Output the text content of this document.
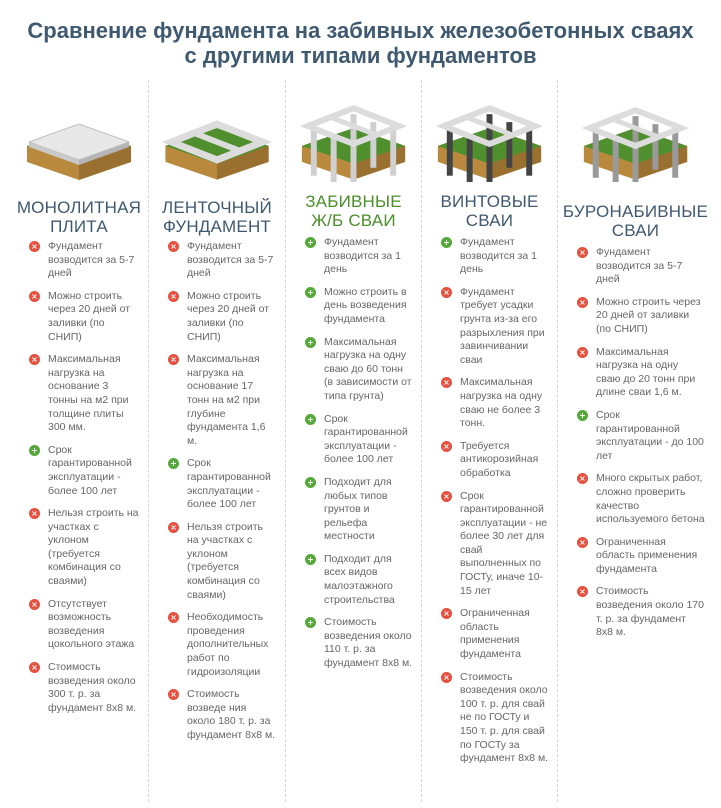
Сравнение фундамента на забивных железобетонных сваях
с другими типами фундаментов
МОНОЛИТНАЯ
ПЛИТА
× Фундамент возводится за 5-7 дней
× Можно строить через 20 дней от заливки (по СНИП)
× Максимальная нагрузка на основание 3 тонны на м2 при толщине плиты 300 мм.
+ Срок гарантированной эксплуатации - более 100 лет
× Нельзя строить на участках с уклоном (требуется комбинация со сваями)
× Отсутствует возможность возведения цокольного этажа
× Стоимость возведения около 300 т. р. за фундамент 8х8 м.
ЛЕНТОЧНЫЙ
ФУНДАМЕНТ
× Фундамент возводится за 5-7 дней
× Можно строить через 20 дней от заливки (по СНИП)
× Максимальная нагрузка на основание 17 тонн на м2 при глубине фундамента 1,6 м.
+ Срок гарантированной эксплуатации - более 100 лет
× Нельзя строить на участках с уклоном (требуется комбинация со сваями)
× Необходимость проведения дополнительных работ по гидроизоляции
× Стоимость возведе ния около 180 т. р. за фундамент 8х8 м.
ЗАБИВНЫЕ
Ж/Б СВАИ
+ Фундамент возводится за 1 день
+ Можно строить в день возведения фундамента
+ Максимальная нагрузка на одну сваю до 60 тонн (в зависимости от типа грунта)
+ Срок гарантированной эксплуатации - более 100 лет
+ Подходит для любых типов грунтов и рельефа местности
+ Подходит для всех видов малоэтажного строительства
+ Стоимость возведения около 110 т. р. за фундамент 8х8 м.
ВИНТОВЫЕ
СВАИ
+ Фундамент возводится за 1 день
× Фундамент требует усадки грунта из-за его разрыхления при завинчивании сваи
× Максимальная нагрузка на одну сваю не более 3 тонн.
× Требуется антикорозийная обработка
× Срок гарантированной эксплуатации - не более 30 лет для свай выполненных по ГОСТу, иначе 10-15 лет
× Ограниченная область применения фундамента
× Стоимость возведения около 100 т. р. для свай не по ГОСТу и 150 т. р. для свай по ГОСТу за фундамент 8х8 м.
БУРОНАБИВНЫЕ
СВАИ
× Фундамент возводится за 5-7 дней
× Можно строить через 20 дней от заливки (по СНИП)
× Максимальная нагрузка на одну сваю до 20 тонн при длине сваи 1,6 м.
+ Срок гарантированной эксплуатации - до 100 лет
× Много скрытых работ, сложно проверить качество используемого бетона
× Ограниченная область применения фундамента
× Стоимость возведения около 170 т. р. за фундамент 8х8 м.
